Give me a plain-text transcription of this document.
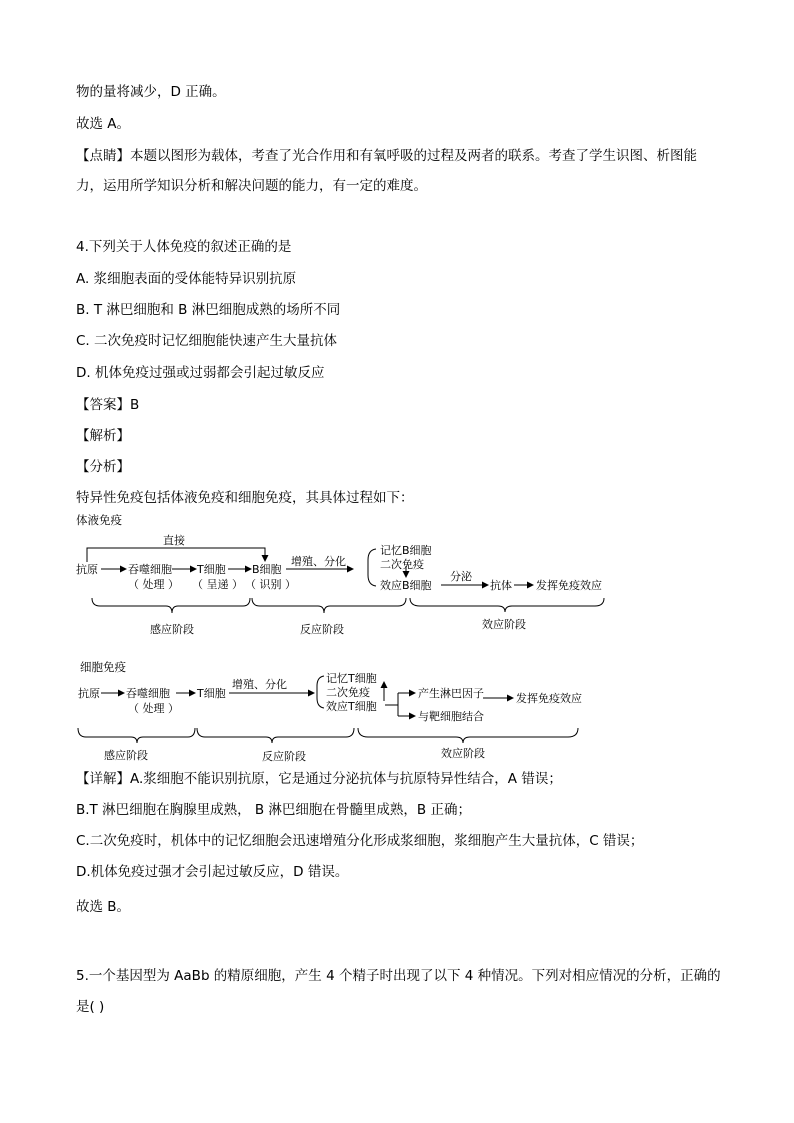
物的量将减少，D 正确。
故选 A。
【点睛】本题以图形为载体，考查了光合作用和有氧呼吸的过程及两者的联系。考查了学生识图、析图能
力，运用所学知识分析和解决问题的能力，有一定的难度。
4.下列关于人体免疫的叙述正确的是
A. 浆细胞表面的受体能特异识别抗原
B. T 淋巴细胞和 B 淋巴细胞成熟的场所不同
C. 二次免疫时记忆细胞能快速产生大量抗体
D. 机体免疫过强或过弱都会引起过敏反应
【答案】B
【解析】
【分析】
特异性免疫包括体液免疫和细胞免疫，其具体过程如下：
体液免疫
直接
抗原	吞噬细胞
（ 处理 ）
T细胞
（ 呈递 ）
B细胞
（ 识别 ）
增殖、分化
记忆B细胞
二次免疫
效应B细胞
分泌
抗体 发挥免疫效应
感应阶段	反应阶段	效应阶段
细胞免疫
抗原 吞噬细胞
（ 处理 ）
T细胞
增殖、分化	记忆T细胞
二次免疫
效应T细胞
产生淋巴因子	发挥免疫效应
与靶细胞结合
感应阶段	反应阶段	效应阶段
【详解】A.浆细胞不能识别抗原，它是通过分泌抗体与抗原特异性结合，A 错误；
B.T 淋巴细胞在胸腺里成熟， B 淋巴细胞在骨髓里成熟，B 正确；
C.二次免疫时，机体中的记忆细胞会迅速增殖分化形成浆细胞，浆细胞产生大量抗体，C 错误；
D.机体免疫过强才会引起过敏反应，D 错误。
故选 B。
5.一个基因型为 AaBb 的精原细胞，产生 4 个精子时出现了以下 4 种情况。下列对相应情况的分析，正确的
是( )
